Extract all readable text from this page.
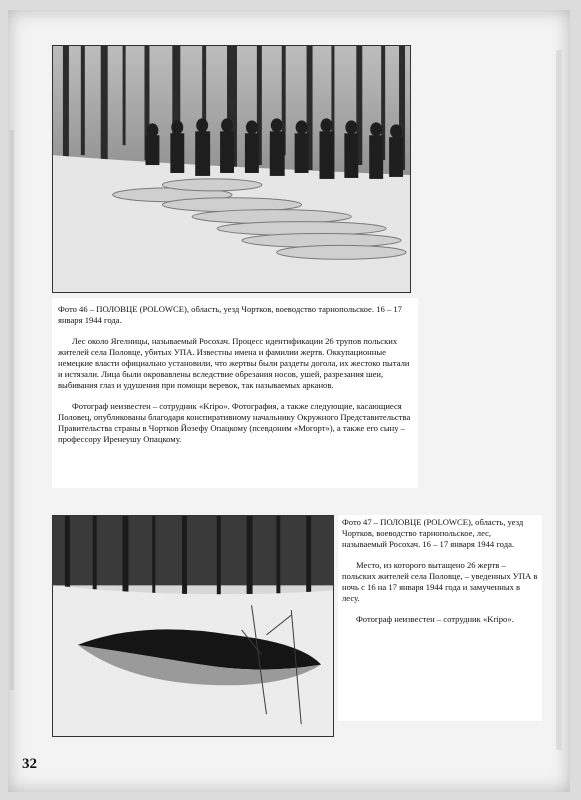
Фото 46 – ПОЛОВЦЕ (POLOWCE), область, уезд Чортков, воеводство тарнопольское. 16 – 17 января 1944 года.

Лес около Ягелницы, называемый Росохач. Процесс идентификации 26 трупов польских жителей села Половце, убитых УПА. Известны имена и фамилии жертв. Оккупационные немецкие власти официально установили, что жертвы были раздеты догола, их жестоко пытали и истязали. Лица были окровавлены вследствие обрезания носов, ушей, разрезания шеи, выбивания глаз и удушения при помощи веревок, так называемых арканов.

Фотограф неизвестен – сотрудник «Kripo». Фотография, а также следующие, касающиеся Половец, опубликованы благодаря конспиративному начальнику Окружного Представительства Правительства страны в Чортков Йозефу Опацкому (псевдоним «Могорт»), а также его сыну – профессору Иренеушу Опацкому.

Фото 47 – ПОЛОВЦЕ (POLOWCE), область, уезд Чортков, воеводство тарнопольское, лес, называемый Росохач. 16 – 17 января 1944 года.

Место, из которого вытащено 26 жертв – польских жителей села Половце, – уведенных УПА в ночь с 16 на 17 января 1944 года и замученных в лесу.

Фотограф неизвестен – сотрудник «Kripo».

32
